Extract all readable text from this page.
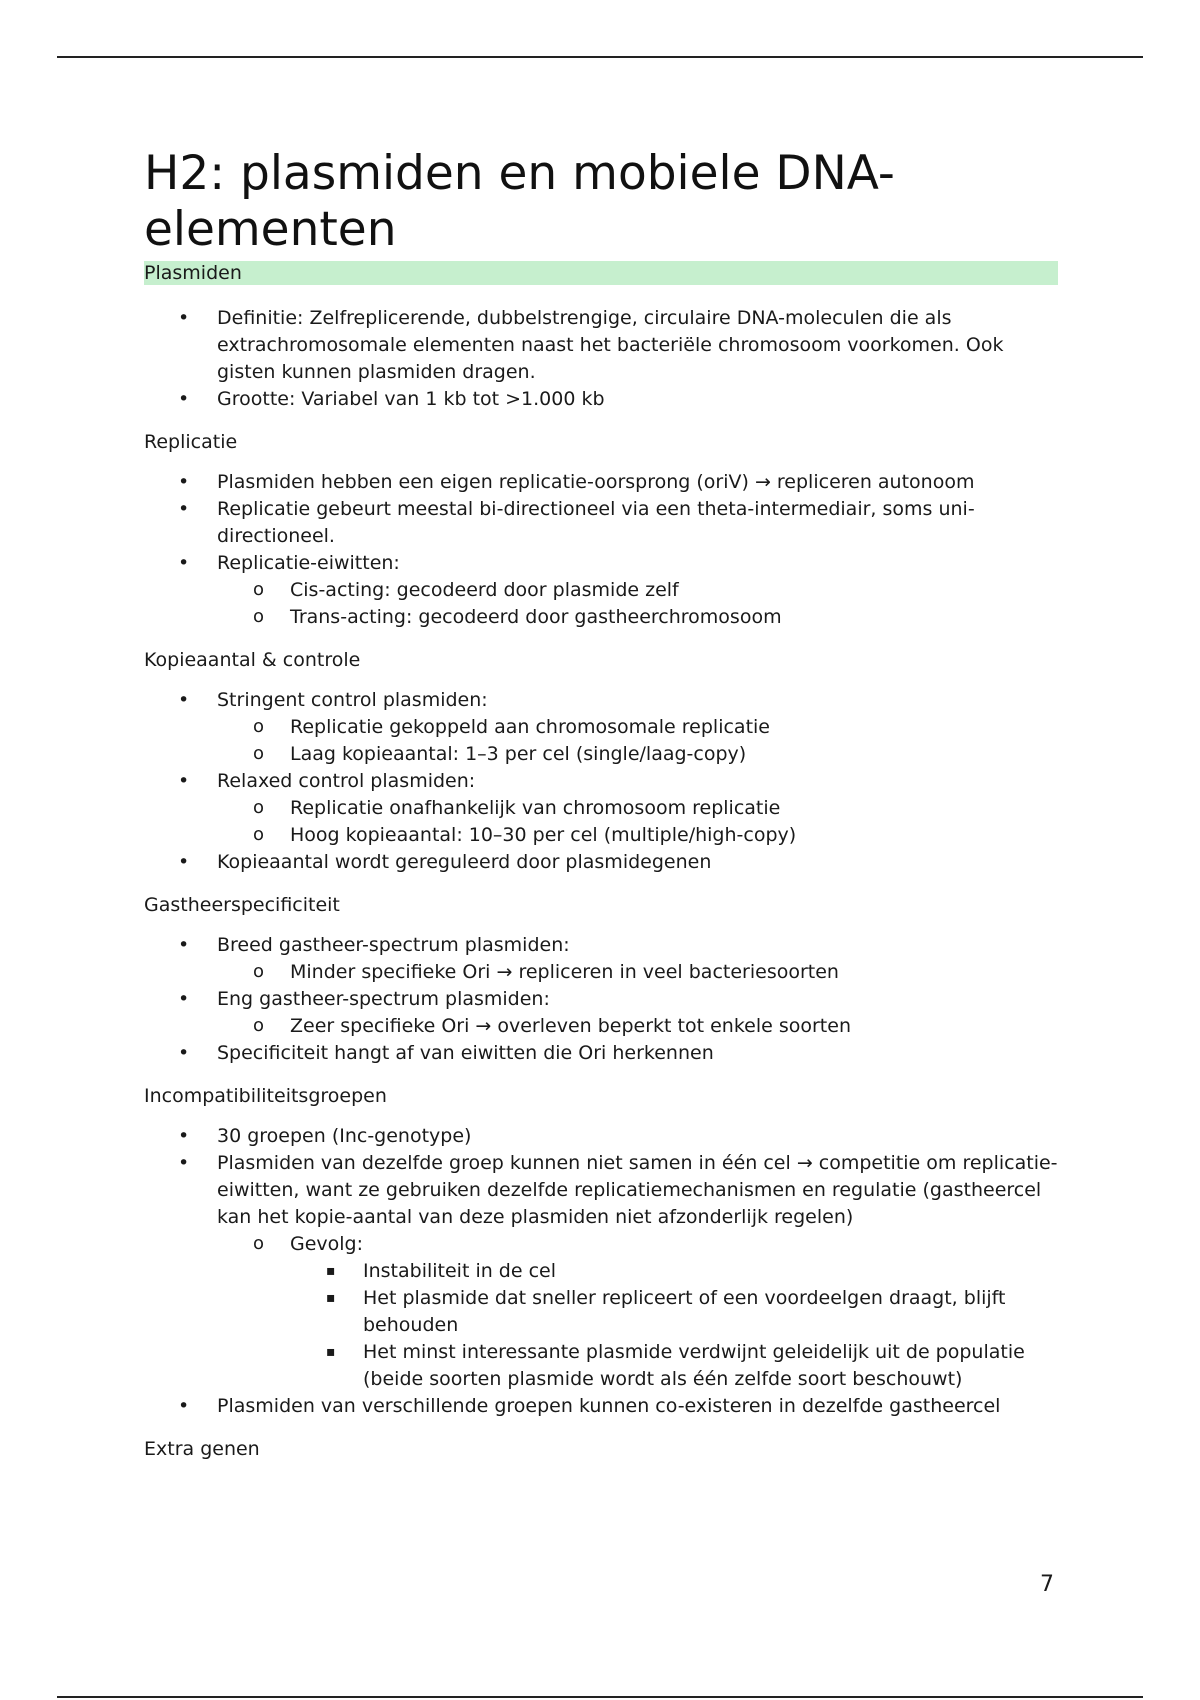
H2: plasmiden en mobiele DNA-
elementen
Plasmiden
• Definitie: Zelfreplicerende, dubbelstrengige, circulaire DNA-moleculen die als extrachromosomale elementen naast het bacteriële chromosoom voorkomen. Ook gisten kunnen plasmiden dragen.
• Grootte: Variabel van 1 kb tot >1.000 kb
Replicatie
• Plasmiden hebben een eigen replicatie-oorsprong (oriV) → repliceren autonoom
• Replicatie gebeurt meestal bi-directioneel via een theta-intermediair, soms uni-directioneel.
• Replicatie-eiwitten:
o Cis-acting: gecodeerd door plasmide zelf
o Trans-acting: gecodeerd door gastheerchromosoom
Kopieaantal & controle
• Stringent control plasmiden:
o Replicatie gekoppeld aan chromosomale replicatie
o Laag kopieaantal: 1–3 per cel (single/laag-copy)
• Relaxed control plasmiden:
o Replicatie onafhankelijk van chromosoom replicatie
o Hoog kopieaantal: 10–30 per cel (multiple/high-copy)
• Kopieaantal wordt gereguleerd door plasmidegenen
Gastheerspecificiteit
• Breed gastheer-spectrum plasmiden:
o Minder specifieke Ori → repliceren in veel bacteriesoorten
• Eng gastheer-spectrum plasmiden:
o Zeer specifieke Ori → overleven beperkt tot enkele soorten
• Specificiteit hangt af van eiwitten die Ori herkennen
Incompatibiliteitsgroepen
• 30 groepen (Inc-genotype)
• Plasmiden van dezelfde groep kunnen niet samen in één cel → competitie om replicatie-eiwitten, want ze gebruiken dezelfde replicatiemechanismen en regulatie (gastheercel kan het kopie-aantal van deze plasmiden niet afzonderlijk regelen)
o Gevolg:
▪ Instabiliteit in de cel
▪ Het plasmide dat sneller repliceert of een voordeelgen draagt, blijft behouden
▪ Het minst interessante plasmide verdwijnt geleidelijk uit de populatie (beide soorten plasmide wordt als één zelfde soort beschouwt)
• Plasmiden van verschillende groepen kunnen co-existeren in dezelfde gastheercel
Extra genen
7
